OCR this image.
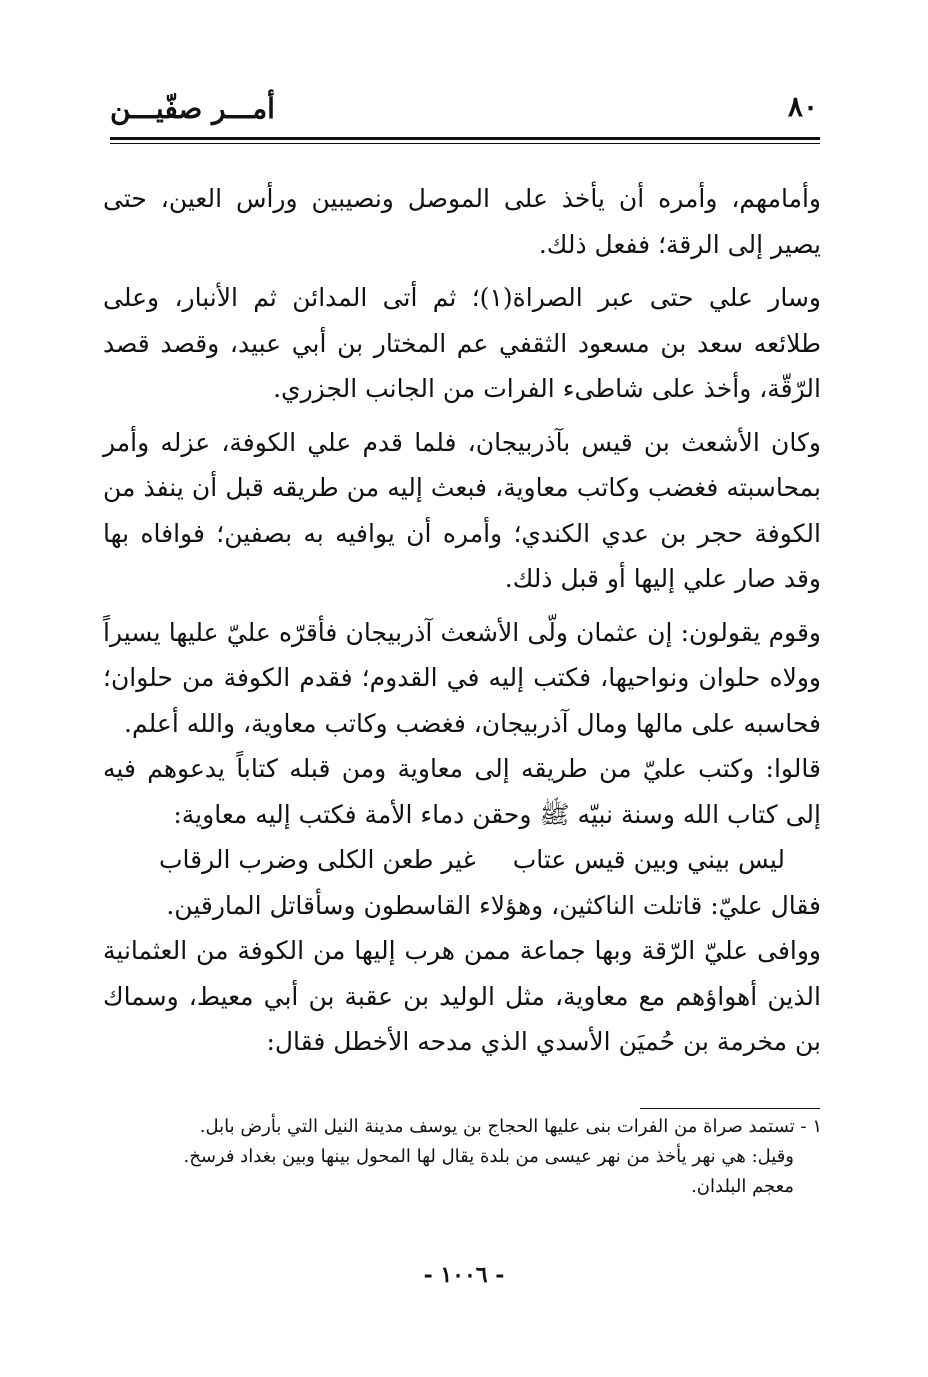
٨٠
أمـــر صفّيـــن

وأمامهم، وأمره أن يأخذ على الموصل ونصيبين ورأس العين، حتى يصير إلى الرقة؛ ففعل ذلك.

وسار علي حتى عبر الصراة(١)؛ ثم أتى المدائن ثم الأنبار، وعلى طلائعه سعد بن مسعود الثقفي عم المختار بن أبي عبيد، وقصد قصد الرّقّة، وأخذ على شاطىء الفرات من الجانب الجزري.

وكان الأشعث بن قيس بآذربيجان، فلما قدم علي الكوفة، عزله وأمر بمحاسبته فغضب وكاتب معاوية، فبعث إليه من طريقه قبل أن ينفذ من الكوفة حجر بن عدي الكندي؛ وأمره أن يوافيه به بصفين؛ فوافاه بها وقد صار علي إليها أو قبل ذلك.

وقوم يقولون: إن عثمان ولّى الأشعث آذربيجان فأقرّه عليّ عليها يسيراً وولاه حلوان ونواحيها، فكتب إليه في القدوم؛ فقدم الكوفة من حلوان؛ فحاسبه على مالها ومال آذربيجان، فغضب وكاتب معاوية، والله أعلم.

قالوا: وكتب عليّ من طريقه إلى معاوية ومن قبله كتاباً يدعوهم فيه إلى كتاب الله وسنة نبيّه ﷺ وحقن دماء الأمة فكتب إليه معاوية:

ليس بيني وبين قيس عتاب
غير طعن الكلى وضرب الرقاب

فقال عليّ: قاتلت الناكثين، وهؤلاء القاسطون وسأقاتل المارقين.

ووافى عليّ الرّقة وبها جماعة ممن هرب إليها من الكوفة من العثمانية الذين أهواؤهم مع معاوية، مثل الوليد بن عقبة بن أبي معيط، وسماك بن مخرمة بن حُميَن الأسدي الذي مدحه الأخطل فقال:

١ - تستمد صراة من الفرات بنى عليها الحجاج بن يوسف مدينة النيل التي بأرض بابل.

وقيل: هي نهر يأخذ من نهر عيسى من بلدة يقال لها المحول بينها وبين بغداد فرسخ.

معجم البلدان.

- ١٠٠٦ -
